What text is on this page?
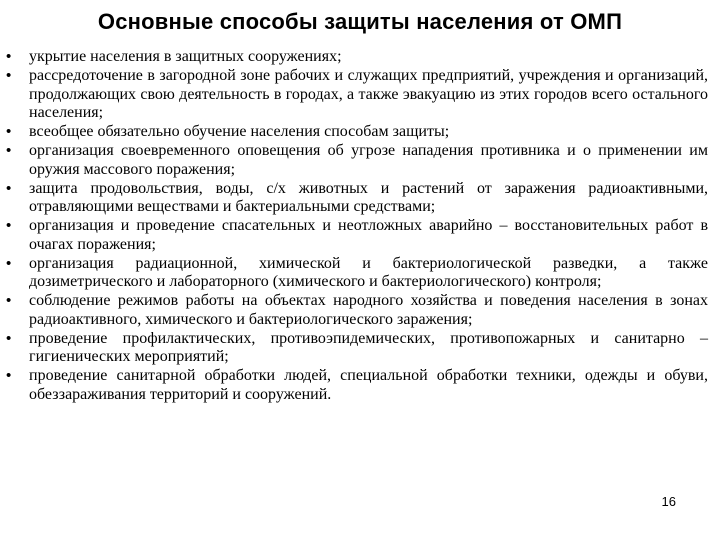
Основные способы защиты населения от ОМП
• укрытие населения в защитных сооружениях;
• рассредоточение в загородной зоне рабочих и служащих предприятий, учреждения и организаций, продолжающих свою деятельность в городах, а также эвакуацию из этих городов всего остального населения;
• всеобщее обязательно обучение населения способам защиты;
• организация своевременного оповещения об угрозе нападения противника и о применении им оружия массового поражения;
• защита продовольствия, воды, с/х животных и растений от заражения радиоактивными, отравляющими веществами и бактериальными средствами;
• организация и проведение спасательных и неотложных аварийно – восстановительных работ в очагах поражения;
• организация радиационной, химической и бактериологической разведки, а также дозиметрического и лабораторного (химического и бактериологического) контроля;
• соблюдение режимов работы на объектах народного хозяйства и поведения населения в зонах радиоактивного, химического и бактериологического заражения;
• проведение профилактических, противоэпидемических, противопожарных и санитарно – гигиенических мероприятий;
• проведение санитарной обработки людей, специальной обработки техники, одежды и обуви, обеззараживания территорий и сооружений.
16
